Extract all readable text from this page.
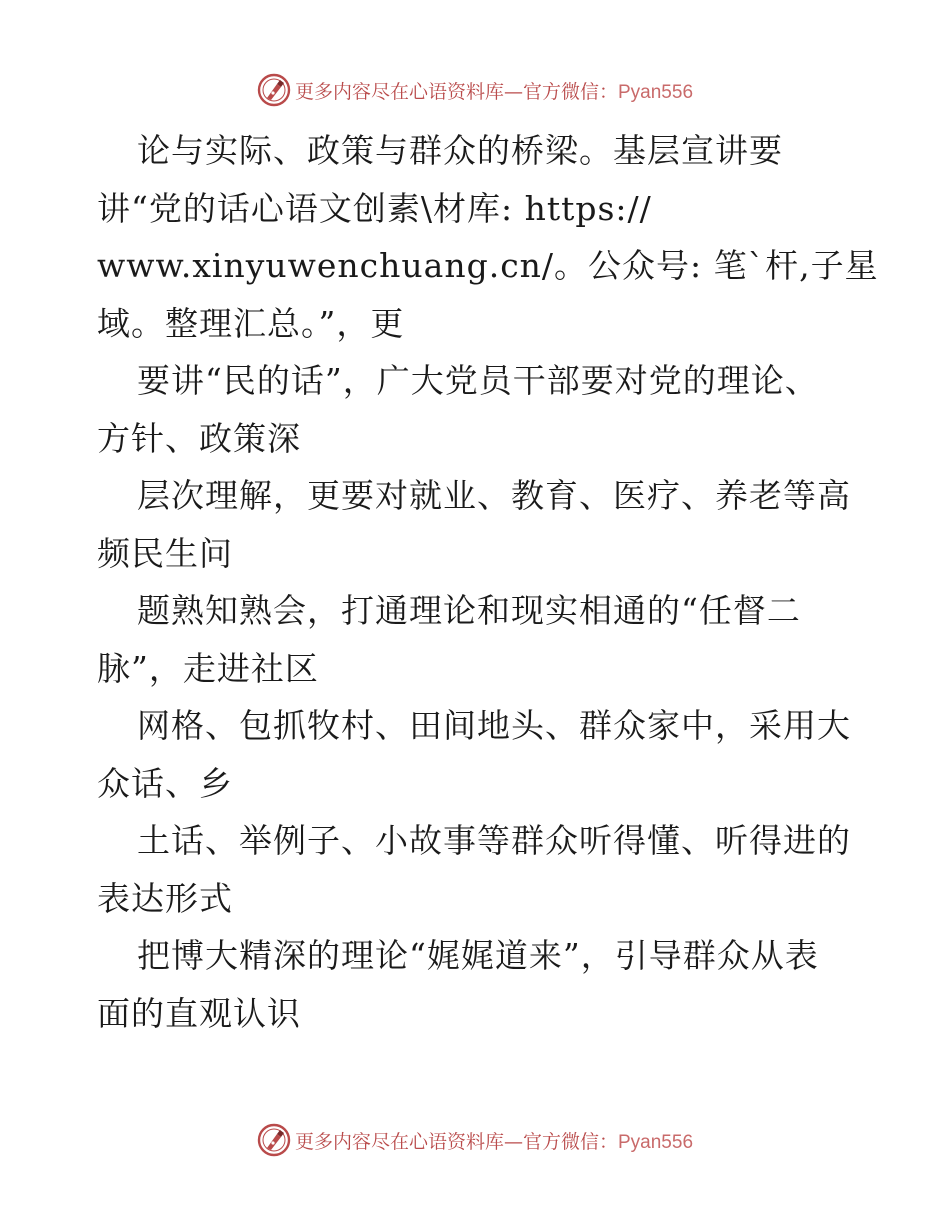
更多内容尽在心语资料库—官方微信：Pyan556
论与实际、政策与群众的桥梁。基层宣讲要
讲“党的话心语文创素\材库: https://
www.xinyuwenchuang.cn/。公众号: 笔`杆,子星
域。整理汇总。”，更
要讲“民的话”，广大党员干部要对党的理论、
方针、政策深
层次理解，更要对就业、教育、医疗、养老等高
频民生问
题熟知熟会，打通理论和现实相通的“任督二
脉”，走进社区
网格、包抓牧村、田间地头、群众家中，采用大
众话、乡
土话、举例子、小故事等群众听得懂、听得进的
表达形式
把博大精深的理论“娓娓道来”，引导群众从表
面的直观认识
更多内容尽在心语资料库—官方微信：Pyan556
